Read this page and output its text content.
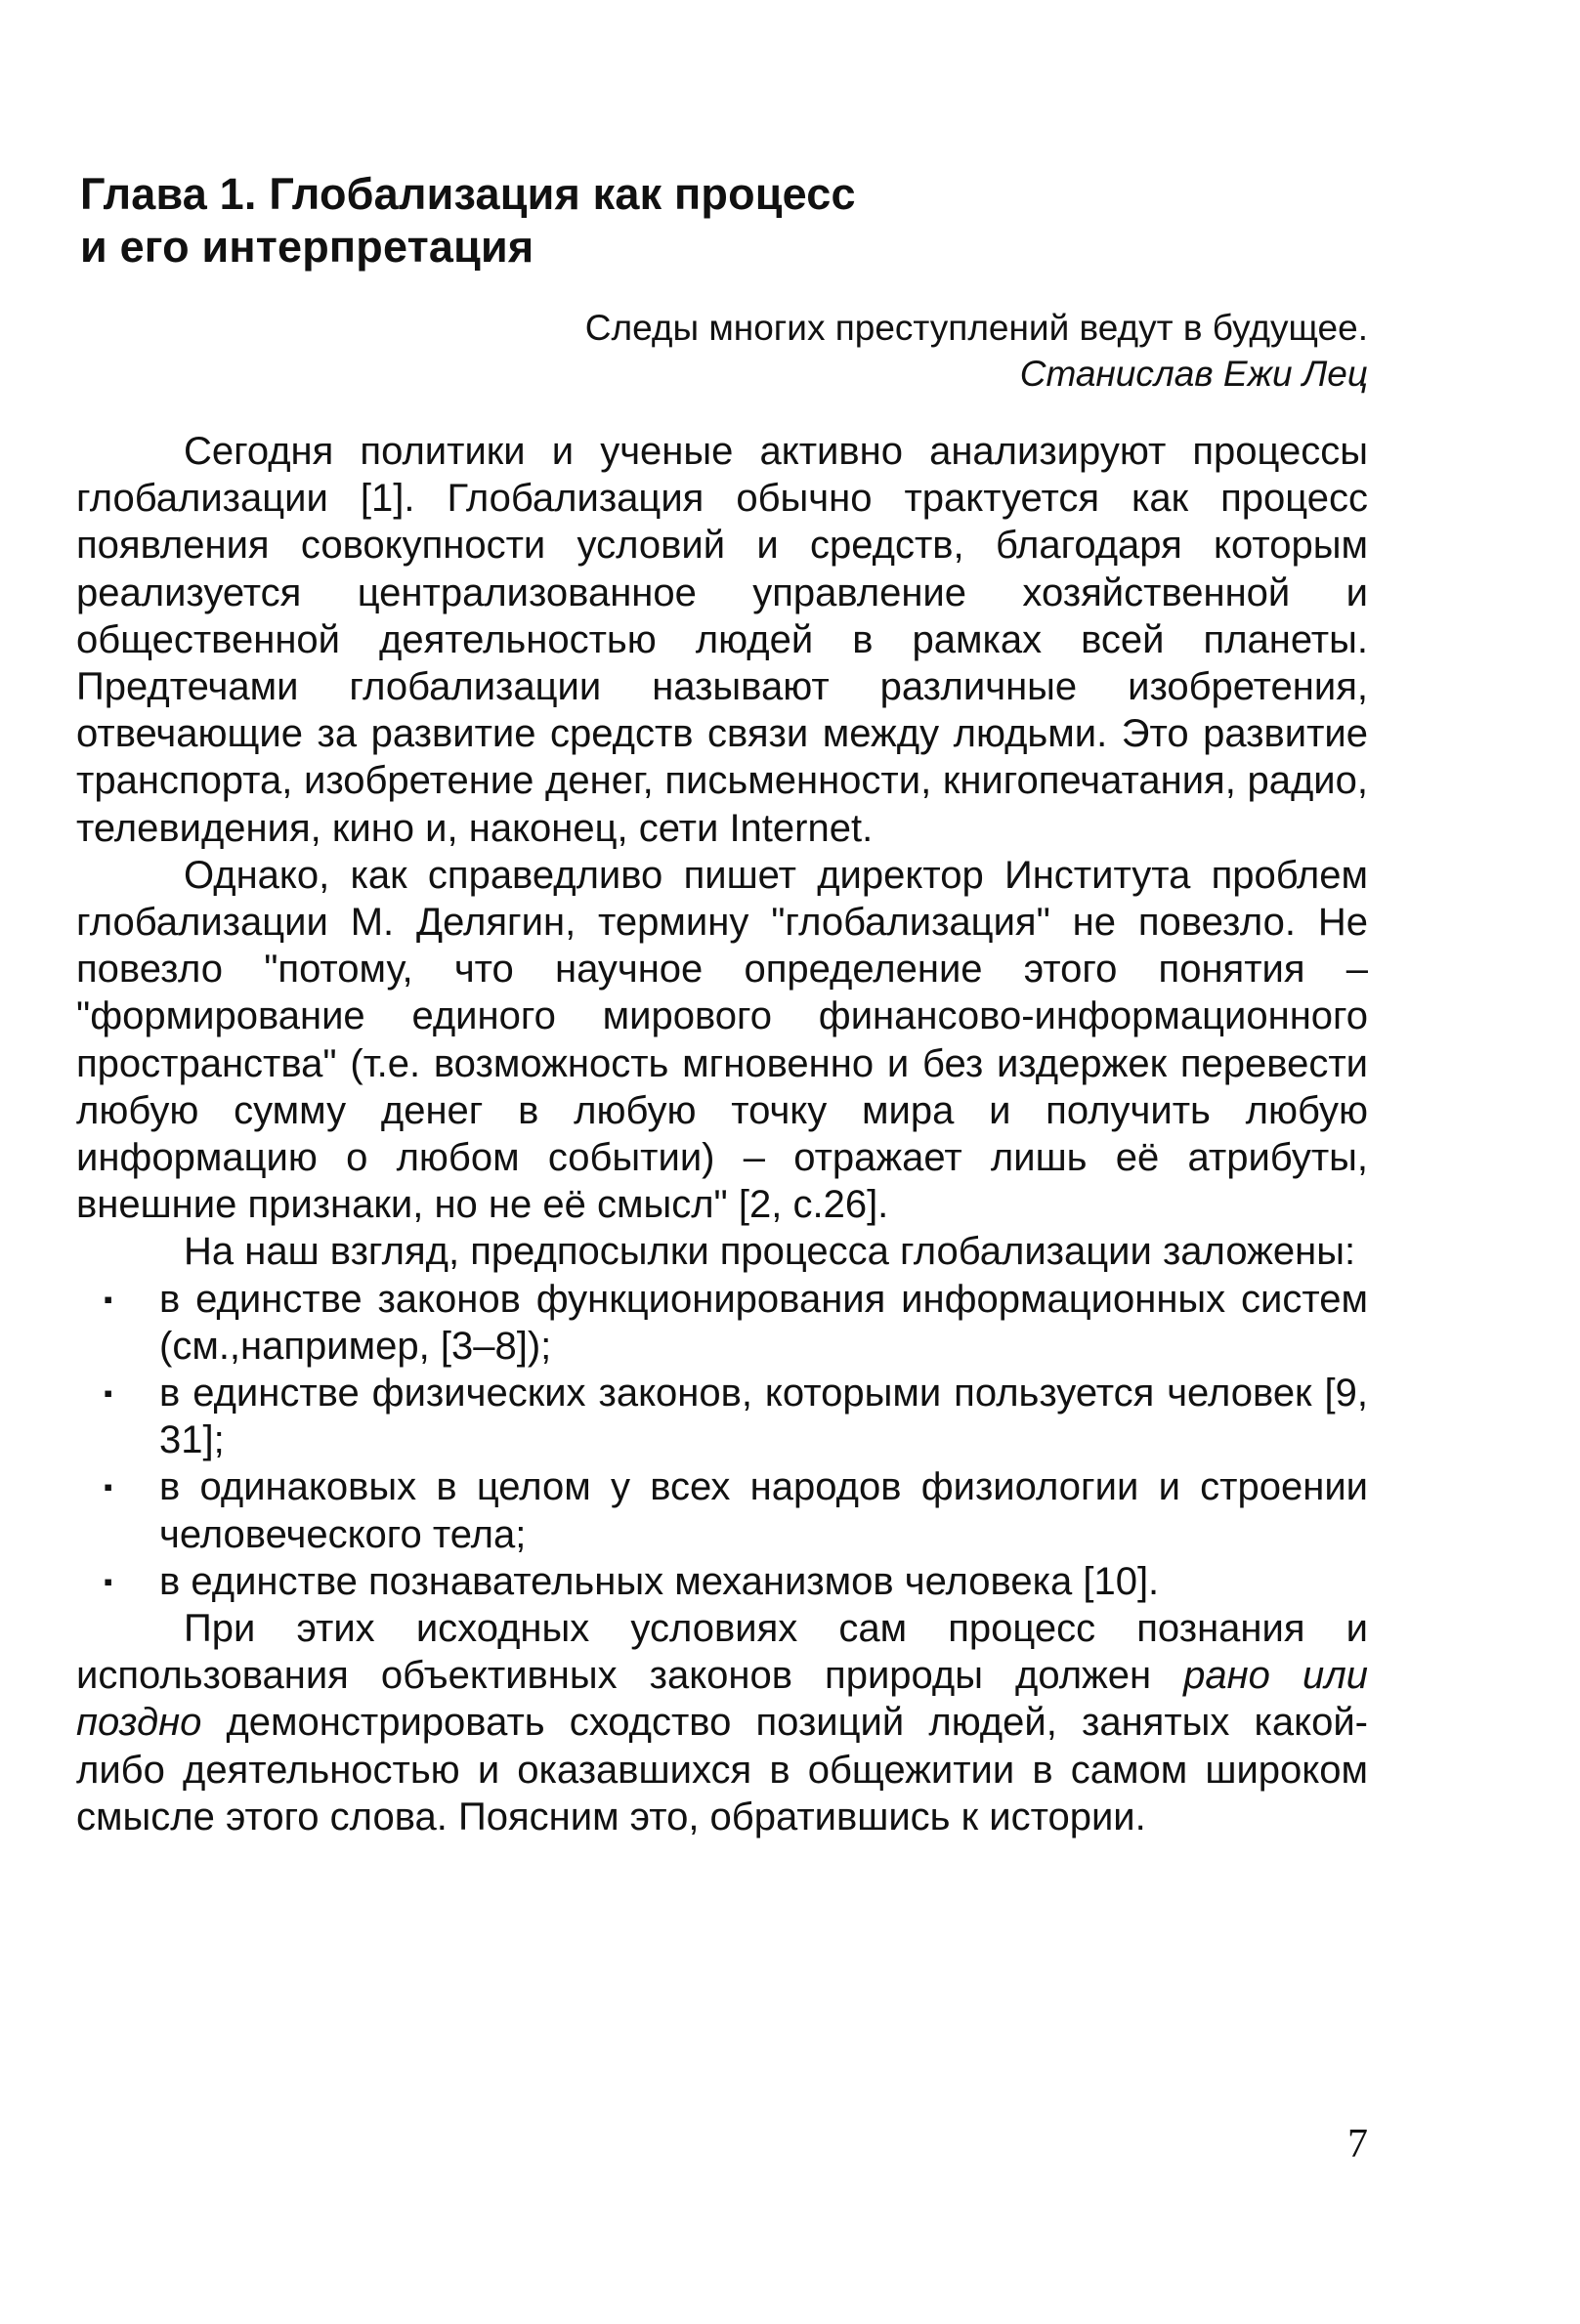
Глава 1. Глобализация как процесс
и его интерпретация
Следы многих преступлений ведут в будущее.
Станислав Ежи Лец

Сегодня политики и ученые активно анализируют процессы глобализации [1]. Глобализация обычно трактуется как процесс появления совокупности условий и средств, благодаря которым реализуется централизованное управление хозяйственной и общественной деятельностью людей в рамках всей планеты. Предтечами глобализации называют различные изобретения, отвечающие за развитие средств связи между людьми. Это развитие транспорта, изобретение денег, письменности, книгопечатания, радио, телевидения, кино и, наконец, сети Internet.

Однако, как справедливо пишет директор Института проблем глобализации М. Делягин, термину "глобализация" не повезло. Не повезло "потому, что научное определение этого понятия – "формирование единого мирового финансово-информационного пространства" (т.е. возможность мгновенно и без издержек перевести любую сумму денег в любую точку мира и получить любую информацию о любом событии) – отражает лишь её атрибуты, внешние признаки, но не её смысл" [2, с.26].

На наш взгляд, предпосылки процесса глобализации заложены:

▪ в единстве законов функционирования информационных систем (см.,например, [3–8]);
▪ в единстве физических законов, которыми пользуется человек [9, 31];
▪ в одинаковых в целом у всех народов физиологии и строении человеческого тела;
▪ в единстве познавательных механизмов человека [10].

При этих исходных условиях сам процесс познания и использования объективных законов природы должен рано или поздно демонстрировать сходство позиций людей, занятых какой-либо деятельностью и оказавшихся в общежитии в самом широком смысле этого слова. Поясним это, обратившись к истории.

7
